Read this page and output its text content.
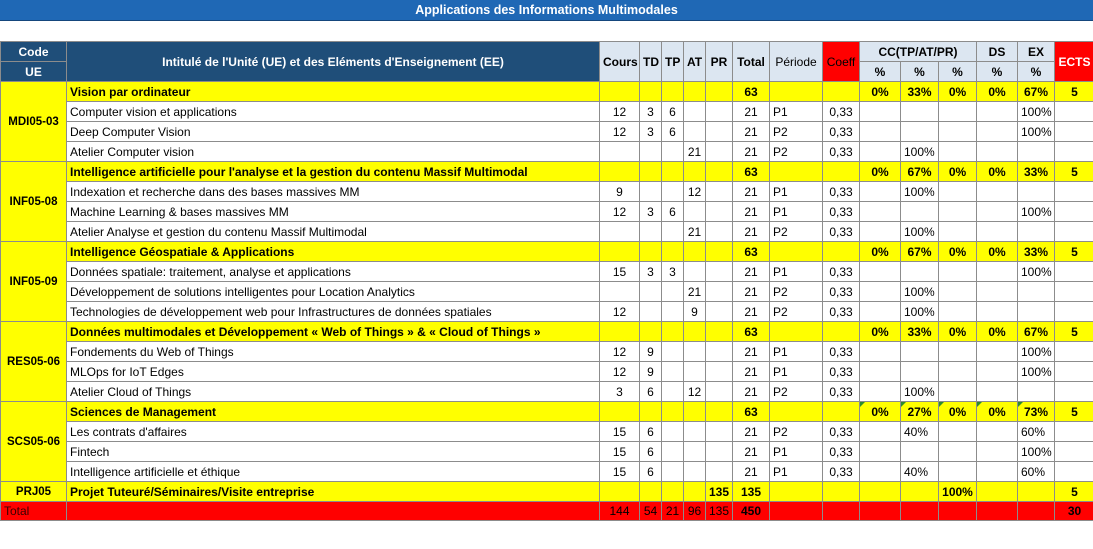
Applications des Informations Multimodales
Code	Intitulé de l'Unité (UE) et des Eléments d'Enseignement (EE)	Cours	TD	TP	AT	PR	Total	Période	Coeff	CC(TP/AT/PR)			DS	EX	ECTS
UE										%	%	%	%	%	
MDI05-03	Vision par ordinateur						63			0%	33%	0%	0%	67%	5
	Computer vision et applications	12	3	6			21	P1	0,33					100%	
	Deep Computer Vision	12	3	6			21	P2	0,33					100%	
	Atelier Computer vision				21		21	P2	0,33		100%				
INF05-08	Intelligence artificielle pour l'analyse et la gestion du contenu Massif Multimodal						63			0%	67%	0%	0%	33%	5
	Indexation et recherche dans des bases massives MM	9			12		21	P1	0,33		100%				
	Machine Learning & bases massives MM	12	3	6			21	P1	0,33					100%	
	Atelier Analyse et gestion du contenu Massif Multimodal				21		21	P2	0,33		100%				
INF05-09	Intelligence Géospatiale & Applications						63			0%	67%	0%	0%	33%	5
	Données spatiale: traitement, analyse et applications	15	3	3			21	P1	0,33					100%	
	Développement de solutions intelligentes pour Location Analytics				21		21	P2	0,33		100%				
	Technologies de développement web pour Infrastructures de données spatiales	12			9		21	P2	0,33		100%				
RES05-06	Données multimodales et Développement « Web of Things » & « Cloud of Things »						63			0%	33%	0%	0%	67%	5
	Fondements du Web of Things	12	9				21	P1	0,33					100%	
	MLOps for IoT Edges	12	9				21	P1	0,33					100%	
	Atelier Cloud of Things	3	6		12		21	P2	0,33		100%				
SCS05-06	Sciences de Management						63			0%	27%	0%	0%	73%	5
	Les contrats d'affaires	15	6				21	P2	0,33		40%			60%	
	Fintech	15	6				21	P1	0,33					100%	
	Intelligence artificielle et éthique	15	6				21	P1	0,33		40%			60%	
PRJ05	Projet Tuteuré/Séminaires/Visite entreprise					135	135					100%			5
Total		144	54	21	96	135	450								30
